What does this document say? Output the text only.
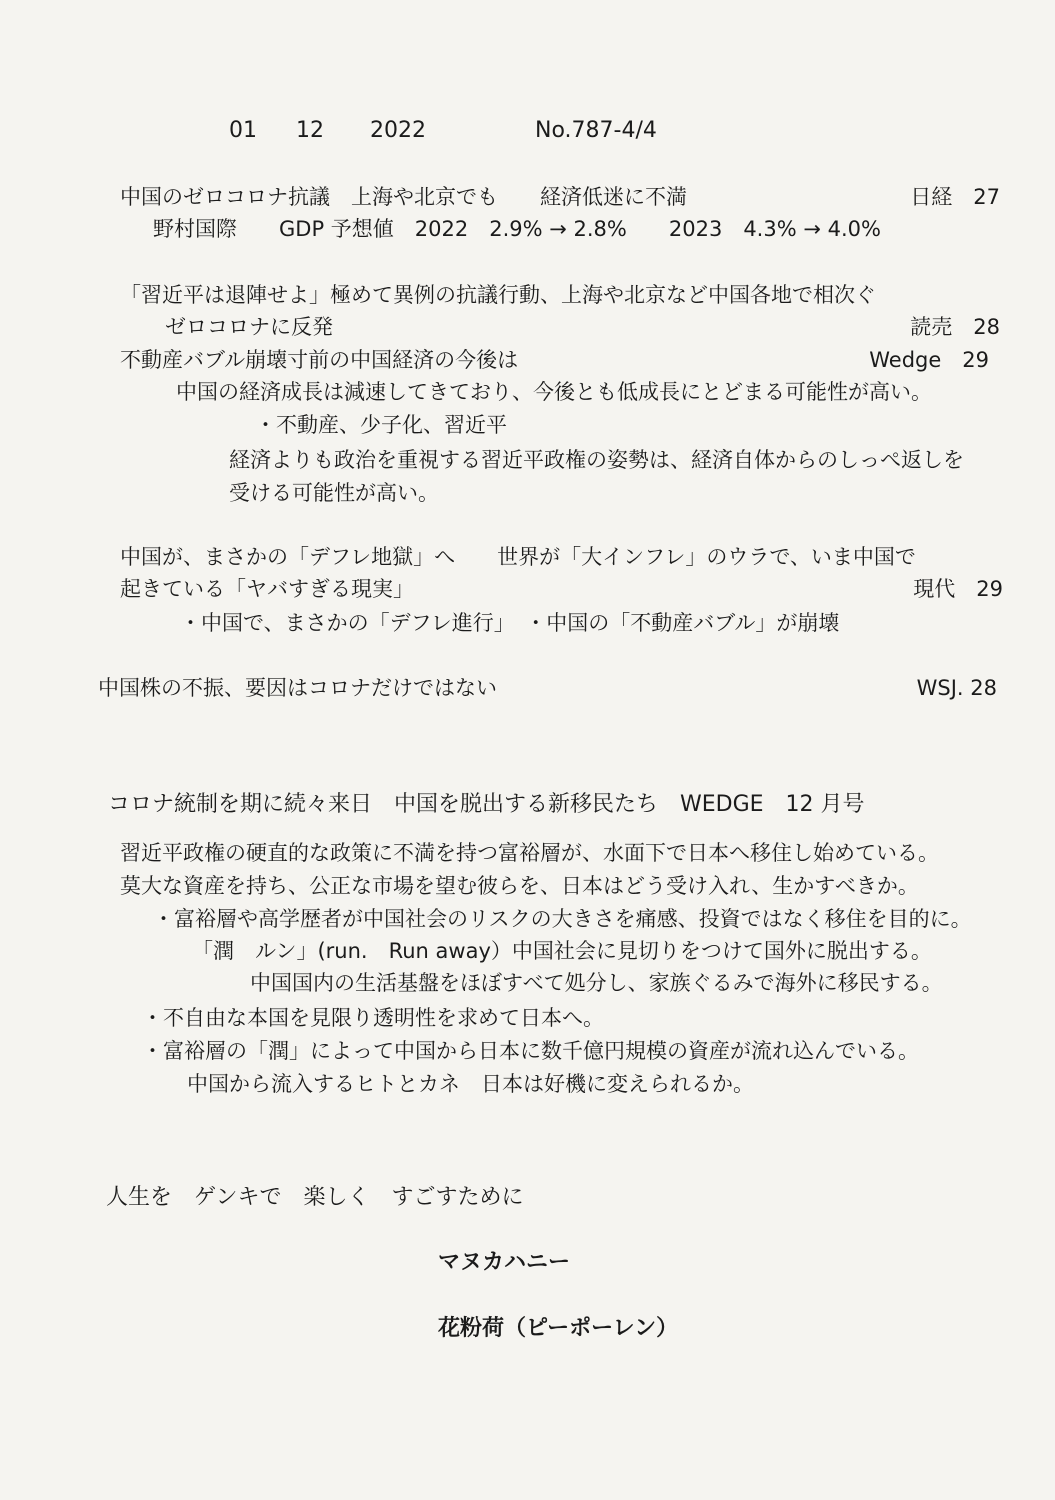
01 12 2022	No.787-4/4
中国のゼロコロナ抗議　上海や北京でも　　経済低迷に不満	日経　27
野村国際　　GDP 予想値　2022　2.9% → 2.8%　　2023　4.3% → 4.0%
「習近平は退陣せよ」極めて異例の抗議行動、上海や北京など中国各地で相次ぐ
ゼロコロナに反発	読売　28
不動産バブル崩壊寸前の中国経済の今後は	Wedge　29
中国の経済成長は減速してきており、今後とも低成長にとどまる可能性が高い。
・不動産、少子化、習近平
経済よりも政治を重視する習近平政権の姿勢は、経済自体からのしっぺ返しを
受ける可能性が高い。
中国が、まさかの「デフレ地獄」へ　　世界が「大インフレ」のウラで、いま中国で
起きている「ヤバすぎる現実」	現代　29
・中国で、まさかの「デフレ進行」　・中国の「不動産バブル」が崩壊
中国株の不振、要因はコロナだけではない	WSJ. 28
コロナ統制を期に続々来日　中国を脱出する新移民たち　WEDGE　12 月号
習近平政権の硬直的な政策に不満を持つ富裕層が、水面下で日本へ移住し始めている。
莫大な資産を持ち、公正な市場を望む彼らを、日本はどう受け入れ、生かすべきか。
・富裕層や高学歴者が中国社会のリスクの大きさを痛感、投資ではなく移住を目的に。
「潤　ルン」(run.　Run away）中国社会に見切りをつけて国外に脱出する。
中国国内の生活基盤をほぼすべて処分し、家族ぐるみで海外に移民する。
・不自由な本国を見限り透明性を求めて日本へ。
・富裕層の「潤」によって中国から日本に数千億円規模の資産が流れ込んでいる。
中国から流入するヒトとカネ　日本は好機に変えられるか。
人生を　ゲンキで　楽しく　すごすために
マヌカハニー
花粉荷（ピーポーレン）
